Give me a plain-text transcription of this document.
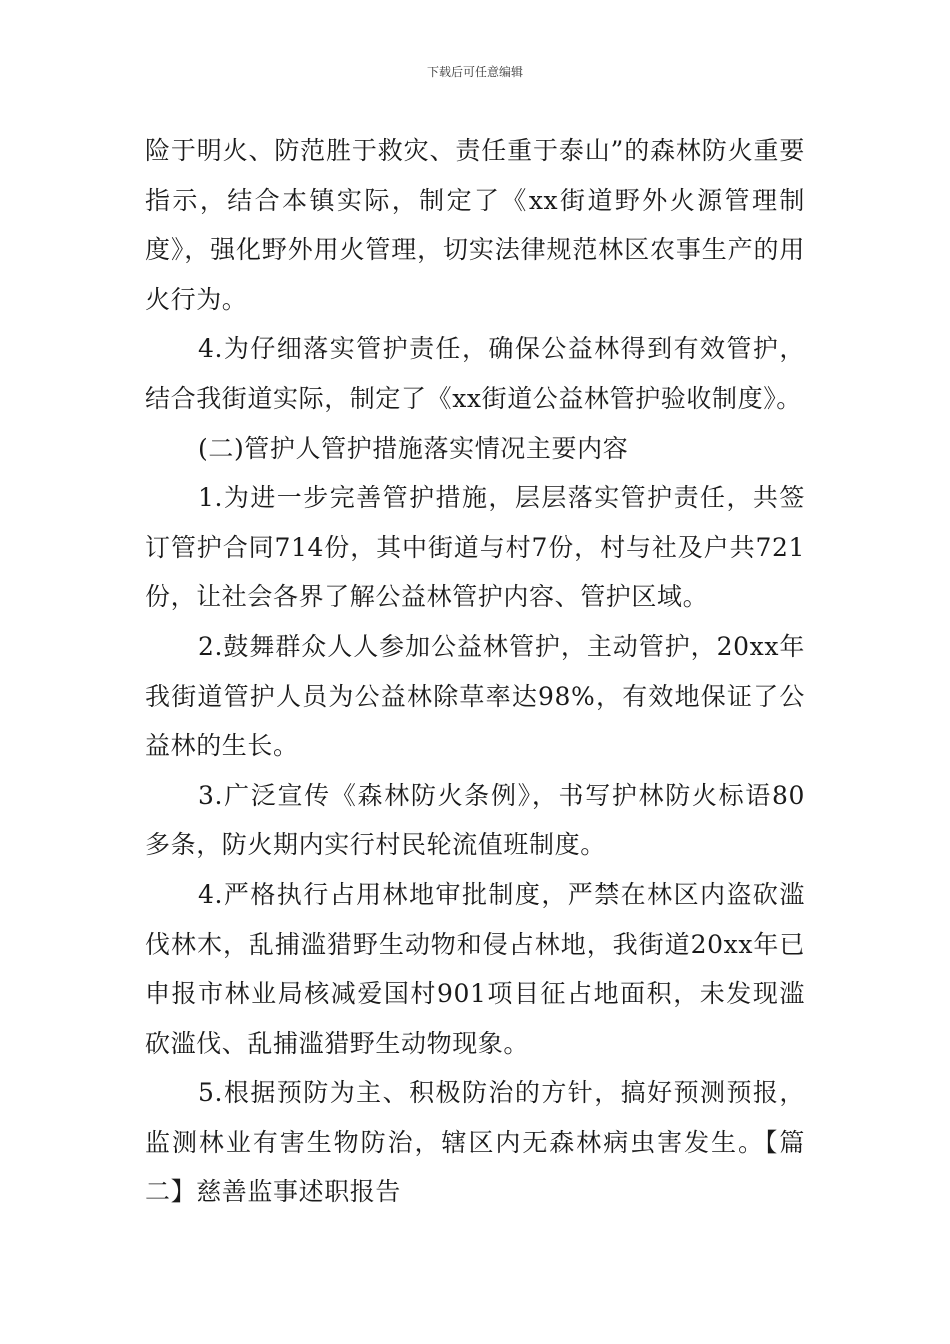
下载后可任意编辑

险于明火、防范胜于救灾、责任重于泰山”的森林防火重要指示，结合本镇实际，制定了《xx街道野外火源管理制度》，强化野外用火管理，切实法律规范林区农事生产的用火行为。

4.为仔细落实管护责任，确保公益林得到有效管护，结合我街道实际，制定了《xx街道公益林管护验收制度》。

(二)管护人管护措施落实情况主要内容

1.为进一步完善管护措施，层层落实管护责任，共签订管护合同714份，其中街道与村7份，村与社及户共721份，让社会各界了解公益林管护内容、管护区域。

2.鼓舞群众人人参加公益林管护，主动管护，20xx年我街道管护人员为公益林除草率达98%，有效地保证了公益林的生长。

3.广泛宣传《森林防火条例》，书写护林防火标语80多条，防火期内实行村民轮流值班制度。

4.严格执行占用林地审批制度，严禁在林区内盗砍滥伐林木，乱捕滥猎野生动物和侵占林地，我街道20xx年已申报市林业局核减爱国村901项目征占地面积，未发现滥砍滥伐、乱捕滥猎野生动物现象。

5.根据预防为主、积极防治的方针，搞好预测预报，监测林业有害生物防治，辖区内无森林病虫害发生。【篇二】慈善监事述职报告
